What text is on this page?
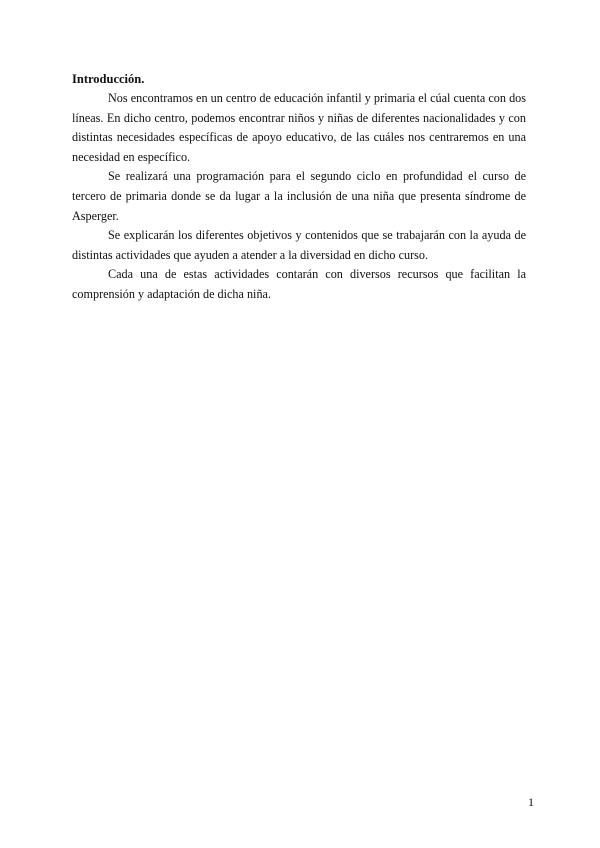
Introducción.

Nos encontramos en un centro de educación infantil y primaria el cúal cuenta con dos líneas. En dicho centro, podemos encontrar niños y niñas de diferentes nacionalidades y con distintas necesidades específicas de apoyo educativo, de las cuáles nos centraremos en una necesidad en específico.

Se realizará una programación para el segundo ciclo en profundidad el curso de tercero de primaria donde se da lugar a la inclusión de una niña que presenta síndrome de Asperger.

Se explicarán los diferentes objetivos y contenidos que se trabajarán con la ayuda de distintas actividades que ayuden a atender a la diversidad en dicho curso.

Cada una de estas actividades contarán con diversos recursos que facilitan la comprensión y adaptación de dicha niña.

1
